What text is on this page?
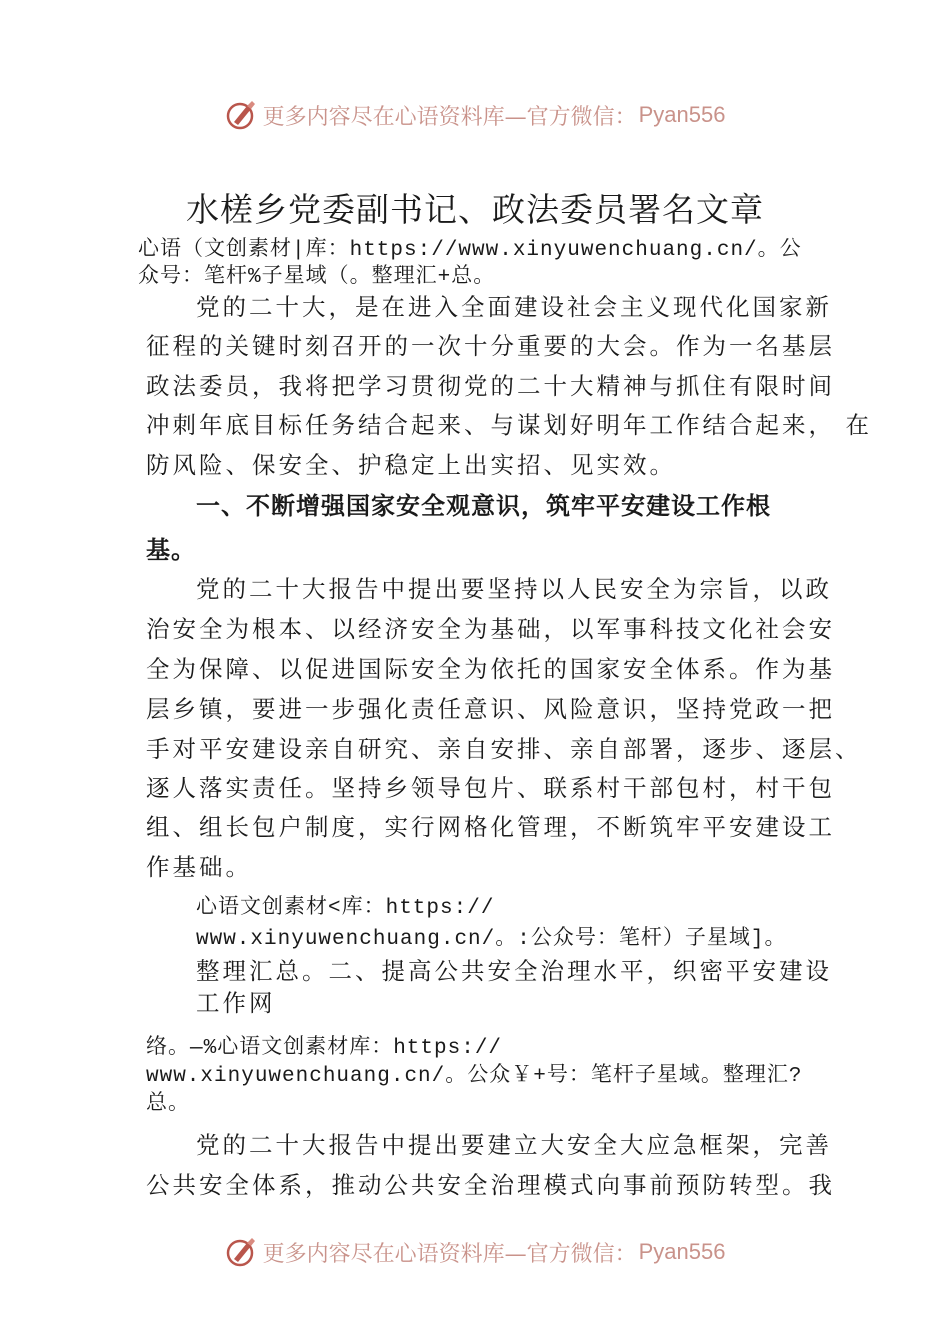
更多内容尽在心语资料库—官方微信： Pyan556
水槎乡党委副书记、政法委员署名文章
心语（文创素材|库：https://www.xinyuwenchuang.cn/。公
众号：笔杆%子星域（。整理汇+总。
党的二十大，是在进入全面建设社会主义现代化国家新
征程的关键时刻召开的一次十分重要的大会。作为一名基层
政法委员，我将把学习贯彻党的二十大精神与抓住有限时间
冲刺年底目标任务结合起来、与谋划好明年工作结合起来， 在
防风险、保安全、护稳定上出实招、见实效。
一、不断增强国家安全观意识，筑牢平安建设工作根
基。
党的二十大报告中提出要坚持以人民安全为宗旨，以政
治安全为根本、以经济安全为基础，以军事科技文化社会安
全为保障、以促进国际安全为依托的国家安全体系。作为基
层乡镇，要进一步强化责任意识、风险意识，坚持党政一把
手对平安建设亲自研究、亲自安排、亲自部署，逐步、逐层、
逐人落实责任。坚持乡领导包片、联系村干部包村，村干包
组、组长包户制度，实行网格化管理，不断筑牢平安建设工
作基础。
心语文创素材<库：https://
www.xinyuwenchuang.cn/。:公众号：笔杆）子星域]。
整理汇总。二、提高公共安全治理水平，织密平安建设
工作网
络。—%心语文创素材库：https://
www.xinyuwenchuang.cn/。公众￥+号：笔杆子星域。整理汇?
总。
党的二十大报告中提出要建立大安全大应急框架，完善
公共安全体系，推动公共安全治理模式向事前预防转型。我
更多内容尽在心语资料库—官方微信： Pyan556
